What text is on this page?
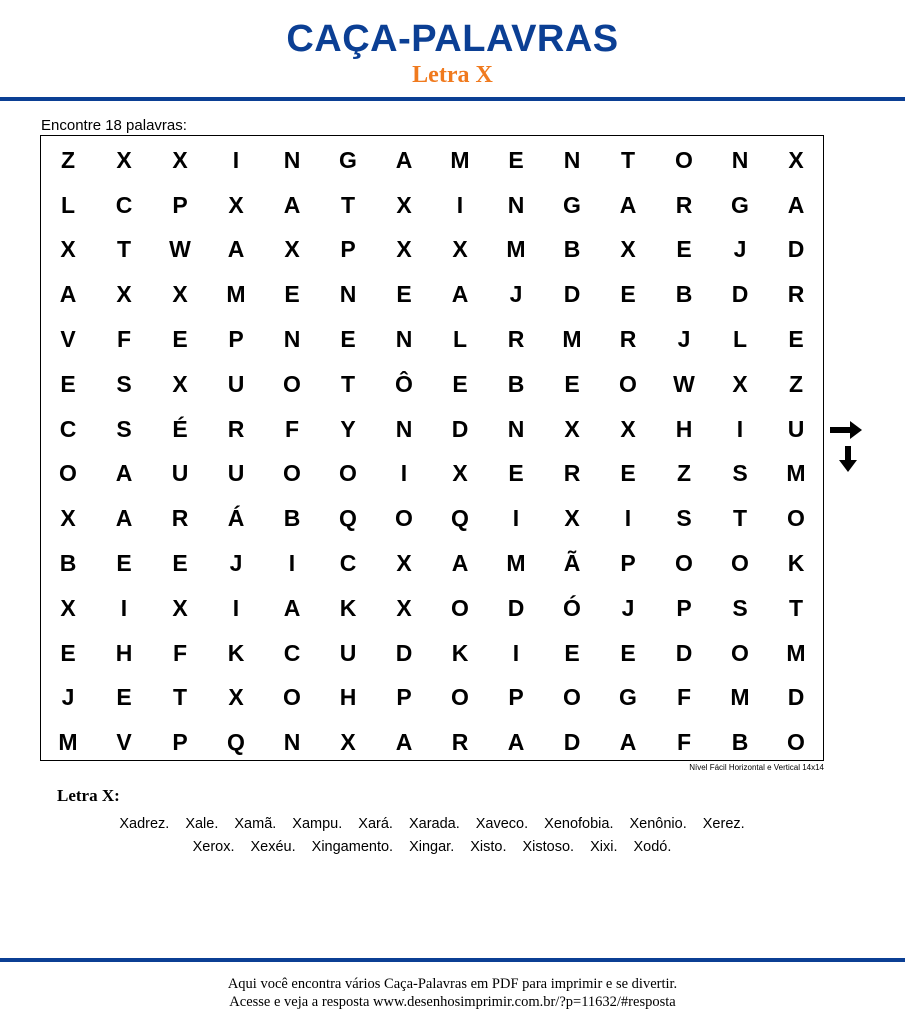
CAÇA-PALAVRAS
Letra X
Encontre 18 palavras:
Z	X	X	I	N	G	A	M	E	N	T	O	N	X
L	C	P	X	A	T	X	I	N	G	A	R	G	A
X	T	W	A	X	P	X	X	M	B	X	E	J	D
A	X	X	M	E	N	E	A	J	D	E	B	D	R
V	F	E	P	N	E	N	L	R	M	R	J	L	E
E	S	X	U	O	T	Ô	E	B	E	O	W	X	Z
C	S	É	R	F	Y	N	D	N	X	X	H	I	U
O	A	U	U	O	O	I	X	E	R	E	Z	S	M
X	A	R	Á	B	Q	O	Q	I	X	I	S	T	O
B	E	E	J	I	C	X	A	M	Ã	P	O	O	K
X	I	X	I	A	K	X	O	D	Ó	J	P	S	T
E	H	F	K	C	U	D	K	I	E	E	D	O	M
J	E	T	X	O	H	P	O	P	O	G	F	M	D
M	V	P	Q	N	X	A	R	A	D	A	F	B	O
Nível Fácil Horizontal e Vertical 14x14
Letra X:
Xadrez. Xale. Xamã. Xampu. Xará. Xarada. Xaveco. Xenofobia. Xenônio. Xerez.
Xerox. Xexéu. Xingamento. Xingar. Xisto. Xistoso. Xixi. Xodó.
Aqui você encontra vários Caça-Palavras em PDF para imprimir e se divertir.
Acesse e veja a resposta www.desenhosimprimir.com.br/?p=11632/#resposta
